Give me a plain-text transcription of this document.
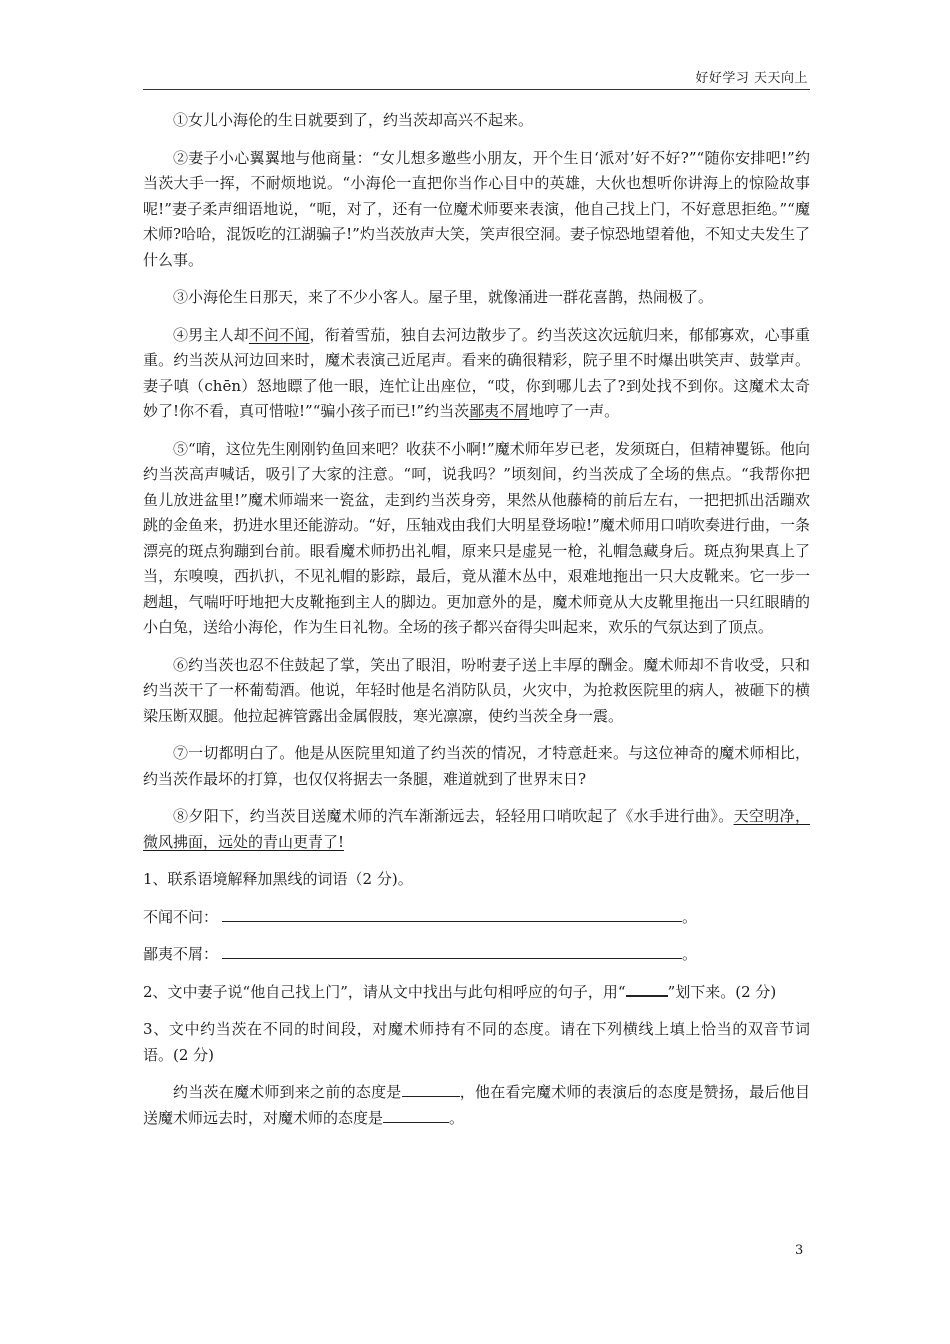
好好学习 天天向上

①女儿小海伦的生日就要到了，约当茨却高兴不起来。

②妻子小心翼翼地与他商量：“女儿想多邀些小朋友，开个生日‘派对’好不好?”“随你安排吧!”约当茨大手一挥，不耐烦地说。“小海伦一直把你当作心目中的英雄，大伙也想听你讲海上的惊险故事呢!”妻子柔声细语地说，“呃，对了，还有一位魔术师要来表演，他自己找上门，不好意思拒绝。”“魔术师?哈哈，混饭吃的江湖骗子!”灼当茨放声大笑，笑声很空洞。妻子惊恐地望着他，不知丈夫发生了什么事。

③小海伦生日那天，来了不少小客人。屋子里，就像涌进一群花喜鹊，热闹极了。

④男主人却不问不闻，衔着雪茄，独自去河边散步了。约当茨这次远航归来，郁郁寡欢，心事重重。约当茨从河边回来时，魔术表演己近尾声。看来的确很精彩，院子里不时爆出哄笑声、鼓掌声。妻子嗔（chēn）怒地瞟了他一眼，连忙让出座位，“哎，你到哪儿去了?到处找不到你。这魔术太奇妙了!你不看，真可惜啦!”“骗小孩子而已!”约当茨鄙夷不屑地哼了一声。

⑤“唷，这位先生刚刚钓鱼回来吧？收获不小啊!”魔术师年岁已老，发须斑白，但精神矍铄。他向约当茨高声喊话，吸引了大家的注意。“呵，说我吗？”顷刻间，约当茨成了全场的焦点。“我帮你把鱼儿放进盆里!”魔术师端来一瓷盆，走到约当茨身旁，果然从他藤椅的前后左右，一把把抓出活蹦欢跳的金鱼来，扔进水里还能游动。“好，压轴戏由我们大明星登场啦!”魔术师用口哨吹奏进行曲，一条漂亮的斑点狗蹦到台前。眼看魔术师扔出礼帽，原来只是虚晃一枪，礼帽急藏身后。斑点狗果真上了当，东嗅嗅，西扒扒，不见礼帽的影踪，最后，竟从灌木丛中，艰难地拖出一只大皮靴来。它一步一趔趄，气喘吁吁地把大皮靴拖到主人的脚边。更加意外的是，魔术师竟从大皮靴里拖出一只红眼睛的小白兔，送给小海伦，作为生日礼物。全场的孩子都兴奋得尖叫起来，欢乐的气氛达到了顶点。

⑥约当茨也忍不住鼓起了掌，笑出了眼泪，吩咐妻子送上丰厚的酬金。魔术师却不肯收受，只和约当茨干了一杯葡萄酒。他说，年轻时他是名消防队员，火灾中，为抢救医院里的病人，被砸下的横梁压断双腿。他拉起裤管露出金属假肢，寒光凛凛，使约当茨全身一震。

⑦一切都明白了。他是从医院里知道了约当茨的情况，才特意赶来。与这位神奇的魔术师相比，约当茨作最坏的打算，也仅仅将据去一条腿，难道就到了世界末日?

⑧夕阳下，约当茨目送魔术师的汽车渐渐远去，轻轻用口哨吹起了《水手进行曲》。天空明净，微风拂面，远处的青山更青了!

1、联系语境解释加黑线的词语（2 分)。

不闻不问：	。

鄙夷不屑：	。

2、文中妻子说“他自己找上门”，请从文中找出与此句相呼应的句子，用“	”划下来。(2 分)

3、文中约当茨在不同的时间段，对魔术师持有不同的态度。请在下列横线上填上恰当的双音节词语。(2 分)

约当茨在魔术师到来之前的态度是	，他在看完魔术师的表演后的态度是赞扬，最后他目送魔术师远去时，对魔术师的态度是	。

3
